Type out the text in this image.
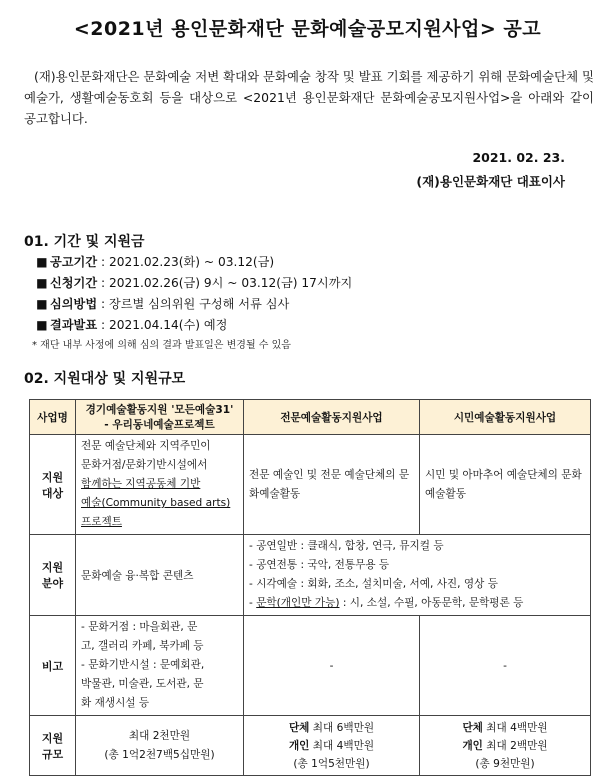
<2021년 용인문화재단 문화예술공모지원사업> 공고
(재)용인문화재단은 문화예술 저변 확대와 문화예술 창작 및 발표 기회를 제공하기 위해 문화예술단체 및 예술가, 생활예술동호회 등을 대상으로 <2021년 용인문화재단 문화예술공모지원사업>을 아래와 같이 공고합니다.
2021. 02. 23.
(재)용인문화재단 대표이사
01. 기간 및 지원금
■ 공고기간 : 2021.02.23(화) ~ 03.12(금)
■ 신청기간 : 2021.02.26(금) 9시 ~ 03.12(금) 17시까지
■ 심의방법 : 장르별 심의위원 구성해 서류 심사
■ 결과발표 : 2021.04.14(수) 예정
* 재단 내부 사정에 의해 심의 결과 발표일은 변경될 수 있음
02. 지원대상 및 지원규모
사업명	경기예술활동지원 '모든예술31'
- 우리동네예술프로젝트	전문예술활동지원사업	시민예술활동지원사업
지원 대상	전문 예술단체와 지역주민이
문화거점/문화기반시설에서
함께하는 지역공동체 기반
예술(Community based arts)
프로젝트	전문 예술인 및 전문 예술단체의 문화예술활동	시민 및 아마추어 예술단체의 문화예술활동
지원 분야	문화예술 융·복합 콘텐츠	- 공연일반 : 클래식, 합창, 연극, 뮤지컬 등
- 공연전통 : 국악, 전통무용 등
- 시각예술 : 회화, 조소, 설치미술, 서예, 사진, 영상 등
- 문학(개인만 가능) : 시, 소설, 수필, 아동문학, 문학평론 등	

비고	- 문화거점 : 마을회관, 문
고, 갤러리 카페, 북카페 등
- 문화기반시설 : 문예회관,
박물관, 미술관, 도서관, 문
화 재생시설 등	-	-
지원 규모	최대 2천만원
(총 1억2천7백5십만원)	단체 최대 6백만원
개인 최대 4백만원
(총 1억5천만원)	단체 최대 4백만원
개인 최대 2백만원
(총 9천만원)
